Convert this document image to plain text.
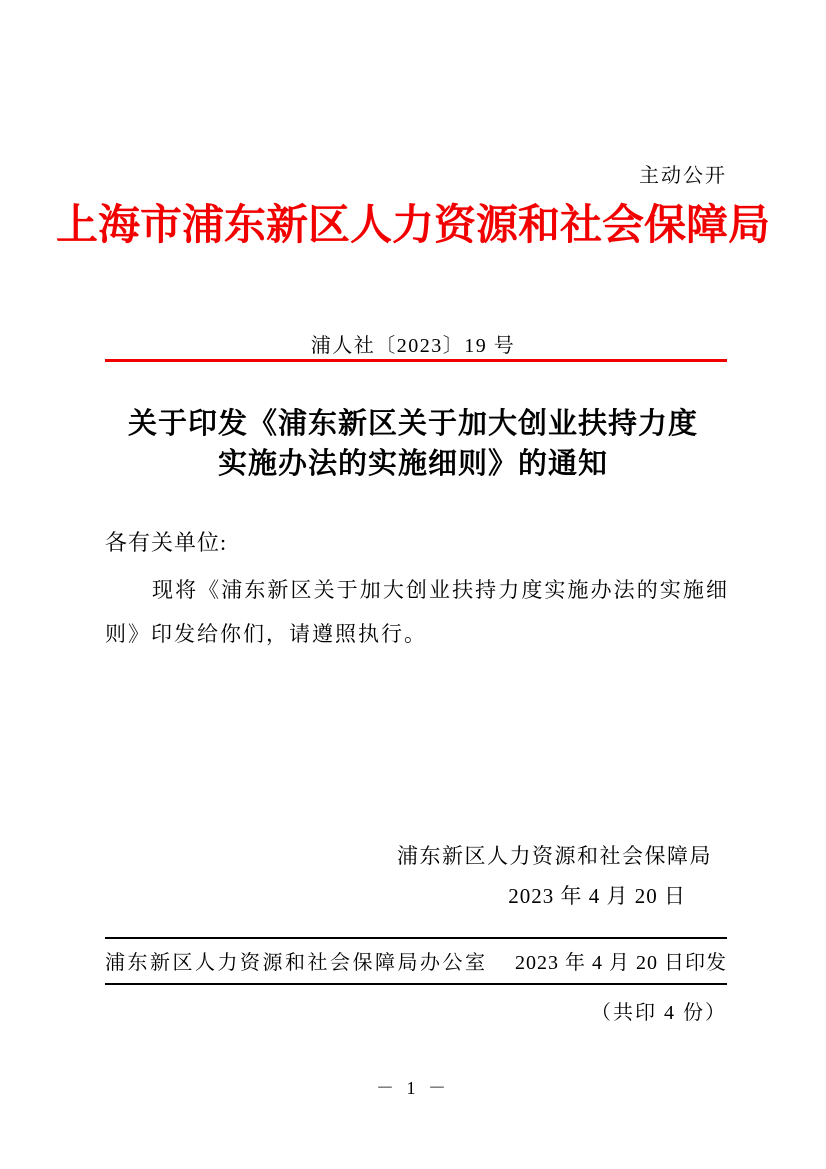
主动公开
上海市浦东新区人力资源和社会保障局
浦人社〔2023〕19 号
关于印发《浦东新区关于加大创业扶持力度
实施办法的实施细则》的通知
各有关单位:
现将《浦东新区关于加大创业扶持力度实施办法的实施细则》印发给你们，请遵照执行。
浦东新区人力资源和社会保障局
2023 年 4 月 20 日
浦东新区人力资源和社会保障局办公室 2023 年 4 月 20 日印发
（共印 4 份）
－ 1 －
